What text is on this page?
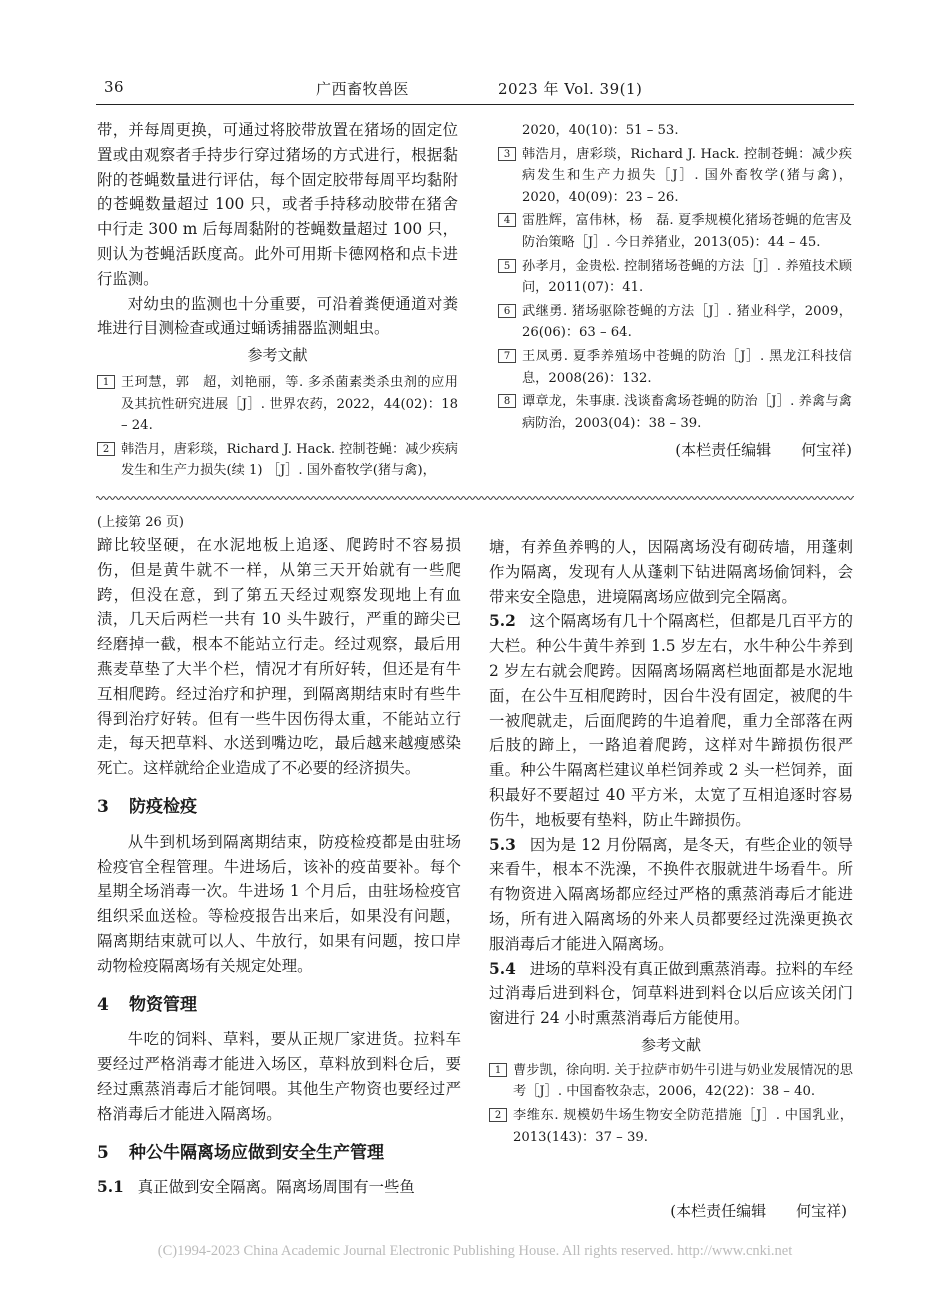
36	广西畜牧兽医	2023 年 Vol. 39(1)

带，并每周更换，可通过将胶带放置在猪场的固定位置或由观察者手持步行穿过猪场的方式进行，根据黏附的苍蝇数量进行评估，每个固定胶带每周平均黏附的苍蝇数量超过 100 只，或者手持移动胶带在猪舍中行走 300 m 后每周黏附的苍蝇数量超过 100 只，则认为苍蝇活跃度高。此外可用斯卡德网格和点卡进行监测。

对幼虫的监测也十分重要，可沿着粪便通道对粪堆进行目测检查或通过蛹诱捕器监测蛆虫。

参考文献

1 王珂慧，郭　超，刘艳丽，等. 多杀菌素类杀虫剂的应用及其抗性研究进展［J］. 世界农药，2022，44(02)：18 – 24.
2 韩浩月，唐彩琰，Richard J. Hack. 控制苍蝇：减少疾病发生和生产力损失(续 1) ［J］. 国外畜牧学(猪与禽)，

2020，40(10)：51 – 53.

3 韩浩月，唐彩琰，Richard J. Hack. 控制苍蝇：减少疾病发生和生产力损失［J］. 国外畜牧学(猪与禽)，2020，40(09)：23 – 26.
4 雷胜辉，富伟林，杨　磊. 夏季规模化猪场苍蝇的危害及防治策略［J］. 今日养猪业，2013(05)：44 – 45.
5 孙孝月，金贵松. 控制猪场苍蝇的方法［J］. 养殖技术顾问，2011(07)：41.
6 武继勇. 猪场驱除苍蝇的方法［J］. 猪业科学，2009，26(06)：63 – 64.
7 王凤勇. 夏季养殖场中苍蝇的防治［J］. 黑龙江科技信息，2008(26)：132.
8 谭章龙，朱事康. 浅谈畜禽场苍蝇的防治［J］. 养禽与禽病防治，2003(04)：38 – 39.

(本栏责任编辑　　何宝祥)

(上接第 26 页)

蹄比较坚硬，在水泥地板上追逐、爬跨时不容易损伤，但是黄牛就不一样，从第三天开始就有一些爬跨，但没在意，到了第五天经过观察发现地上有血渍，几天后两栏一共有 10 头牛跛行，严重的蹄尖已经磨掉一截，根本不能站立行走。经过观察，最后用燕麦草垫了大半个栏，情况才有所好转，但还是有牛互相爬跨。经过治疗和护理，到隔离期结束时有些牛得到治疗好转。但有一些牛因伤得太重，不能站立行走，每天把草料、水送到嘴边吃，最后越来越瘦感染死亡。这样就给企业造成了不必要的经济损失。

3 防疫检疫

从牛到机场到隔离期结束，防疫检疫都是由驻场检疫官全程管理。牛进场后，该补的疫苗要补。每个星期全场消毒一次。牛进场 1 个月后，由驻场检疫官组织采血送检。等检疫报告出来后，如果没有问题，隔离期结束就可以人、牛放行，如果有问题，按口岸动物检疫隔离场有关规定处理。

4 物资管理

牛吃的饲料、草料，要从正规厂家进货。拉料车要经过严格消毒才能进入场区，草料放到料仓后，要经过熏蒸消毒后才能饲喂。其他生产物资也要经过严格消毒后才能进入隔离场。

5 种公牛隔离场应做到安全生产管理

5.1 真正做到安全隔离。隔离场周围有一些鱼

塘，有养鱼养鸭的人，因隔离场没有砌砖墙，用蓬刺作为隔离，发现有人从蓬刺下钻进隔离场偷饲料，会带来安全隐患，进境隔离场应做到完全隔离。

5.2 这个隔离场有几十个隔离栏，但都是几百平方的大栏。种公牛黄牛养到 1.5 岁左右，水牛种公牛养到 2 岁左右就会爬跨。因隔离场隔离栏地面都是水泥地面，在公牛互相爬跨时，因台牛没有固定，被爬的牛一被爬就走，后面爬跨的牛追着爬，重力全部落在两后肢的蹄上，一路追着爬跨，这样对牛蹄损伤很严重。种公牛隔离栏建议单栏饲养或 2 头一栏饲养，面积最好不要超过 40 平方米，太宽了互相追逐时容易伤牛，地板要有垫料，防止牛蹄损伤。

5.3 因为是 12 月份隔离，是冬天，有些企业的领导来看牛，根本不洗澡，不换件衣服就进牛场看牛。所有物资进入隔离场都应经过严格的熏蒸消毒后才能进场，所有进入隔离场的外来人员都要经过洗澡更换衣服消毒后才能进入隔离场。

5.4 进场的草料没有真正做到熏蒸消毒。拉料的车经过消毒后进到料仓，饲草料进到料仓以后应该关闭门窗进行 24 小时熏蒸消毒后方能使用。

参考文献

1 曹步凯，徐向明. 关于拉萨市奶牛引进与奶业发展情况的思考［J］. 中国畜牧杂志，2006，42(22)：38 – 40.
2 李维东. 规模奶牛场生物安全防范措施［J］. 中国乳业，2013(143)：37 – 39.

(本栏责任编辑　　何宝祥)

(C)1994-2023 China Academic Journal Electronic Publishing House. All rights reserved. http://www.cnki.net
